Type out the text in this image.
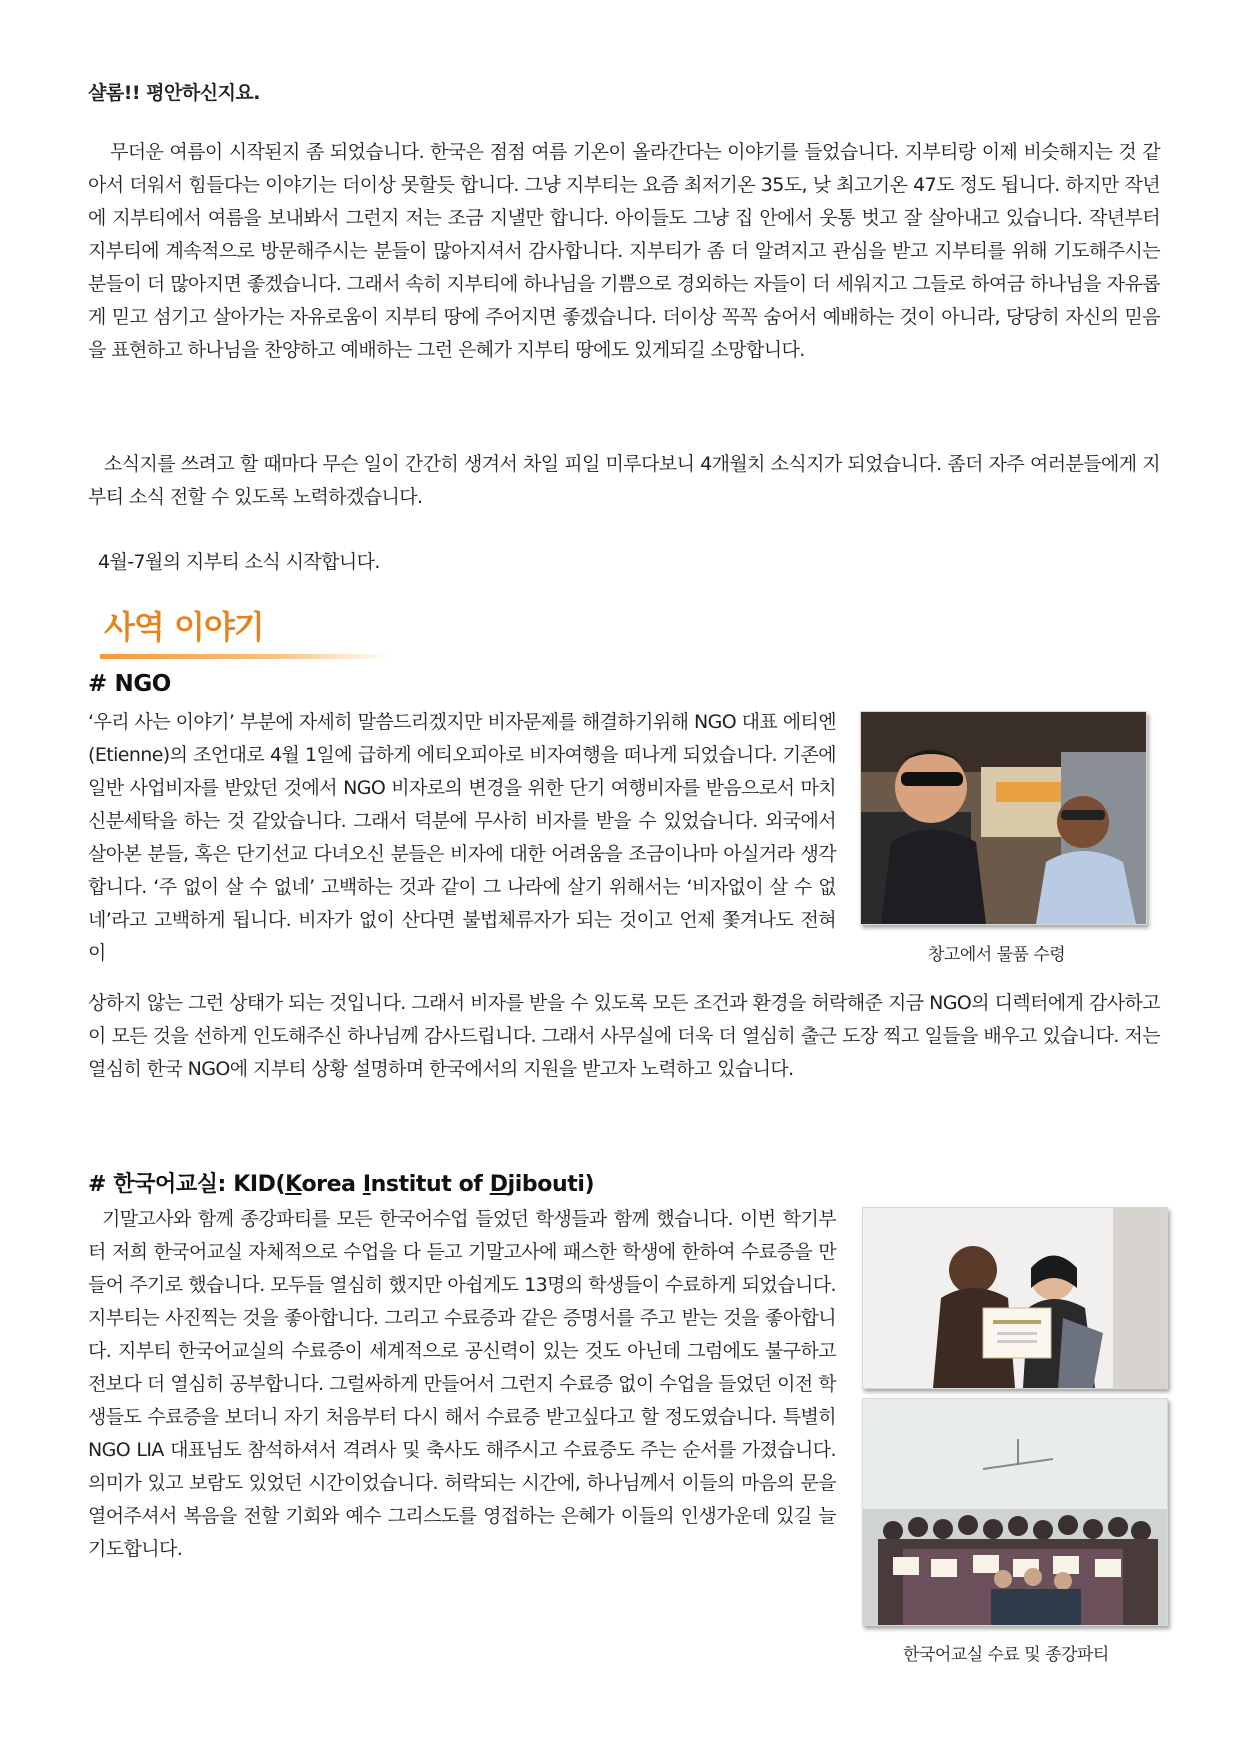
샬롬!! 평안하신지요.

무더운 여름이 시작된지 좀 되었습니다. 한국은 점점 여름 기온이 올라간다는 이야기를 들었습니다. 지부티랑 이제 비슷해지는 것 같아서 더워서 힘들다는 이야기는 더이상 못할듯 합니다. 그냥 지부티는 요즘 최저기온 35도, 낮 최고기온 47도 정도 됩니다. 하지만 작년에 지부티에서 여름을 보내봐서 그런지 저는 조금 지낼만 합니다. 아이들도 그냥 집 안에서 웃통 벗고 잘 살아내고 있습니다. 작년부터 지부티에 계속적으로 방문해주시는 분들이 많아지셔서 감사합니다. 지부티가 좀 더 알려지고 관심을 받고 지부티를 위해 기도해주시는 분들이 더 많아지면 좋겠습니다. 그래서 속히 지부티에 하나님을 기쁨으로 경외하는 자들이 더 세워지고 그들로 하여금 하나님을 자유롭게 믿고 섬기고 살아가는 자유로움이 지부티 땅에 주어지면 좋겠습니다. 더이상 꼭꼭 숨어서 예배하는 것이 아니라, 당당히 자신의 믿음을 표현하고 하나님을 찬양하고 예배하는 그런 은혜가 지부티 땅에도 있게되길 소망합니다.

소식지를 쓰려고 할 때마다 무슨 일이 간간히 생겨서 차일 피일 미루다보니 4개월치 소식지가 되었습니다. 좀더 자주 여러분들에게 지부티 소식 전할 수 있도록 노력하겠습니다.

4월-7월의 지부티 소식 시작합니다.

사역 이야기
# NGO

‘우리 사는 이야기’ 부분에 자세히 말씀드리겠지만 비자문제를 해결하기위해 NGO 대표 에티엔(Etienne)의 조언대로 4월 1일에 급하게 에티오피아로 비자여행을 떠나게 되었습니다. 기존에 일반 사업비자를 받았던 것에서 NGO 비자로의 변경을 위한 단기 여행비자를 받음으로서 마치 신분세탁을 하는 것 같았습니다. 그래서 덕분에 무사히 비자를 받을 수 있었습니다. 외국에서 살아본 분들, 혹은 단기선교 다녀오신 분들은 비자에 대한 어려움을 조금이나마 아실거라 생각합니다. ‘주 없이 살 수 없네’ 고백하는 것과 같이 그 나라에 살기 위해서는 ‘비자없이 살 수 없네’라고 고백하게 됩니다. 비자가 없이 산다면 불법체류자가 되는 것이고 언제 쫓겨나도 전혀 이

상하지 않는 그런 상태가 되는 것입니다. 그래서 비자를 받을 수 있도록 모든 조건과 환경을 허락해준 지금 NGO의 디렉터에게 감사하고 이 모든 것을 선하게 인도해주신 하나님께 감사드립니다. 그래서 사무실에 더욱 더 열심히 출근 도장 찍고 일들을 배우고 있습니다. 저는 열심히 한국 NGO에 지부티 상황 설명하며 한국에서의 지원을 받고자 노력하고 있습니다.

창고에서 물품 수령
# 한국어교실: KID(Korea Institut of Djibouti)

기말고사와 함께 종강파티를 모든 한국어수업 들었던 학생들과 함께 했습니다. 이번 학기부터 저희 한국어교실 자체적으로 수업을 다 듣고 기말고사에 패스한 학생에 한하여 수료증을 만들어 주기로 했습니다. 모두들 열심히 했지만 아쉽게도 13명의 학생들이 수료하게 되었습니다. 지부티는 사진찍는 것을 좋아합니다. 그리고 수료증과 같은 증명서를 주고 받는 것을 좋아합니다. 지부티 한국어교실의 수료증이 세계적으로 공신력이 있는 것도 아닌데 그럼에도 불구하고 전보다 더 열심히 공부합니다. 그럴싸하게 만들어서 그런지 수료증 없이 수업을 들었던 이전 학생들도 수료증을 보더니 자기 처음부터 다시 해서 수료증 받고싶다고 할 정도였습니다. 특별히 NGO LIA 대표님도 참석하셔서 격려사 및 축사도 해주시고 수료증도 주는 순서를 가졌습니다. 의미가 있고 보람도 있었던 시간이었습니다. 허락되는 시간에, 하나님께서 이들의 마음의 문을 열어주셔서 복음을 전할 기회와 예수 그리스도를 영접하는 은혜가 이들의 인생가운데 있길 늘 기도합니다.

한국어교실 수료 및 종강파티
